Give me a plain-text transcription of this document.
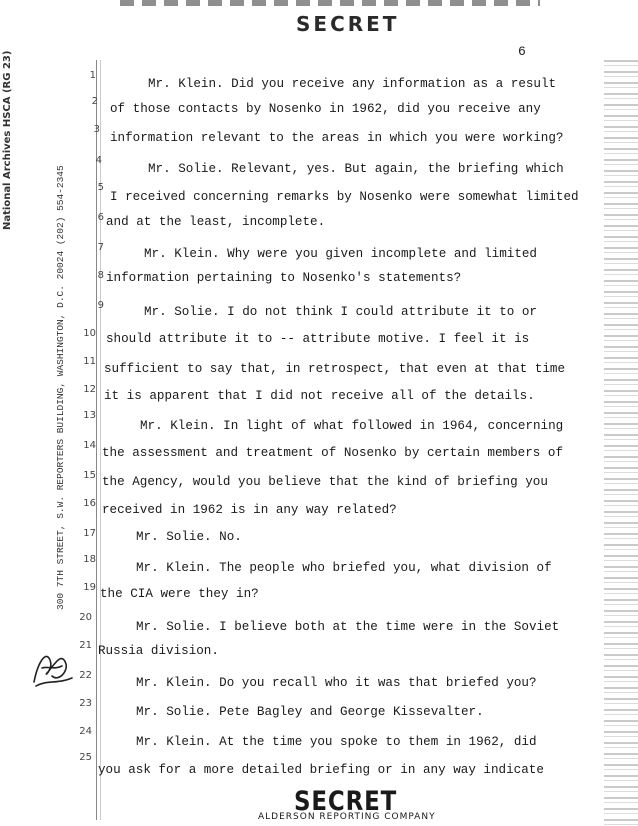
SECRET
6
National Archives HSCA (RG 23)
300 7TH STREET, S.W. REPORTERS BUILDING, WASHINGTON, D.C. 20024 (202) 554-2345
1
2
3
4
5
6
7
8
9
10
11
12
13
14
15
16
17
18
19
20
21
22
23
24
25
Mr. Klein. Did you receive any information as a result
of those contacts by Nosenko in 1962, did you receive any
information relevant to the areas in which you were working?
Mr. Solie. Relevant, yes. But again, the briefing which
I received concerning remarks by Nosenko were somewhat limited
and at the least, incomplete.
Mr. Klein. Why were you given incomplete and limited
information pertaining to Nosenko's statements?
Mr. Solie. I do not think I could attribute it to or
should attribute it to -- attribute motive. I feel it is
sufficient to say that, in retrospect, that even at that time
it is apparent that I did not receive all of the details.
Mr. Klein. In light of what followed in 1964, concerning
the assessment and treatment of Nosenko by certain members of
the Agency, would you believe that the kind of briefing you
received in 1962 is in any way related?
Mr. Solie. No.
Mr. Klein. The people who briefed you, what division of
the CIA were they in?
Mr. Solie. I believe both at the time were in the Soviet
Russia division.
Mr. Klein. Do you recall who it was that briefed you?
Mr. Solie. Pete Bagley and George Kissevalter.
Mr. Klein. At the time you spoke to them in 1962, did
you ask for a more detailed briefing or in any way indicate
SECRET
ALDERSON REPORTING COMPANY
